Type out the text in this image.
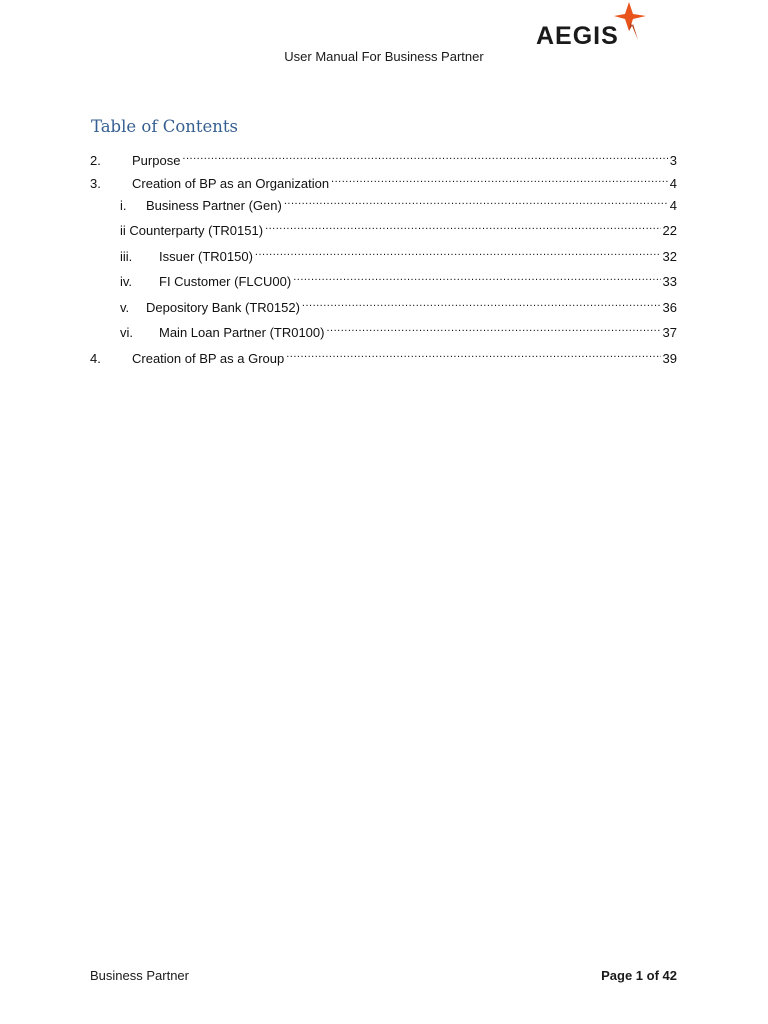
AEGIS
User Manual For Business Partner
Table of Contents
2.	Purpose .....	3
3.	Creation of BP as an Organization .....	4
i.	Business Partner (Gen) .....	4
ii Counterparty (TR0151) .....	22
iii.	Issuer (TR0150) .....	32
iv.	FI Customer (FLCU00) .....	33
v.	Depository Bank (TR0152) .....	36
vi.	Main Loan Partner (TR0100) .....	37
4.	Creation of BP as a Group .....	39
Business Partner	Page 1 of 42
